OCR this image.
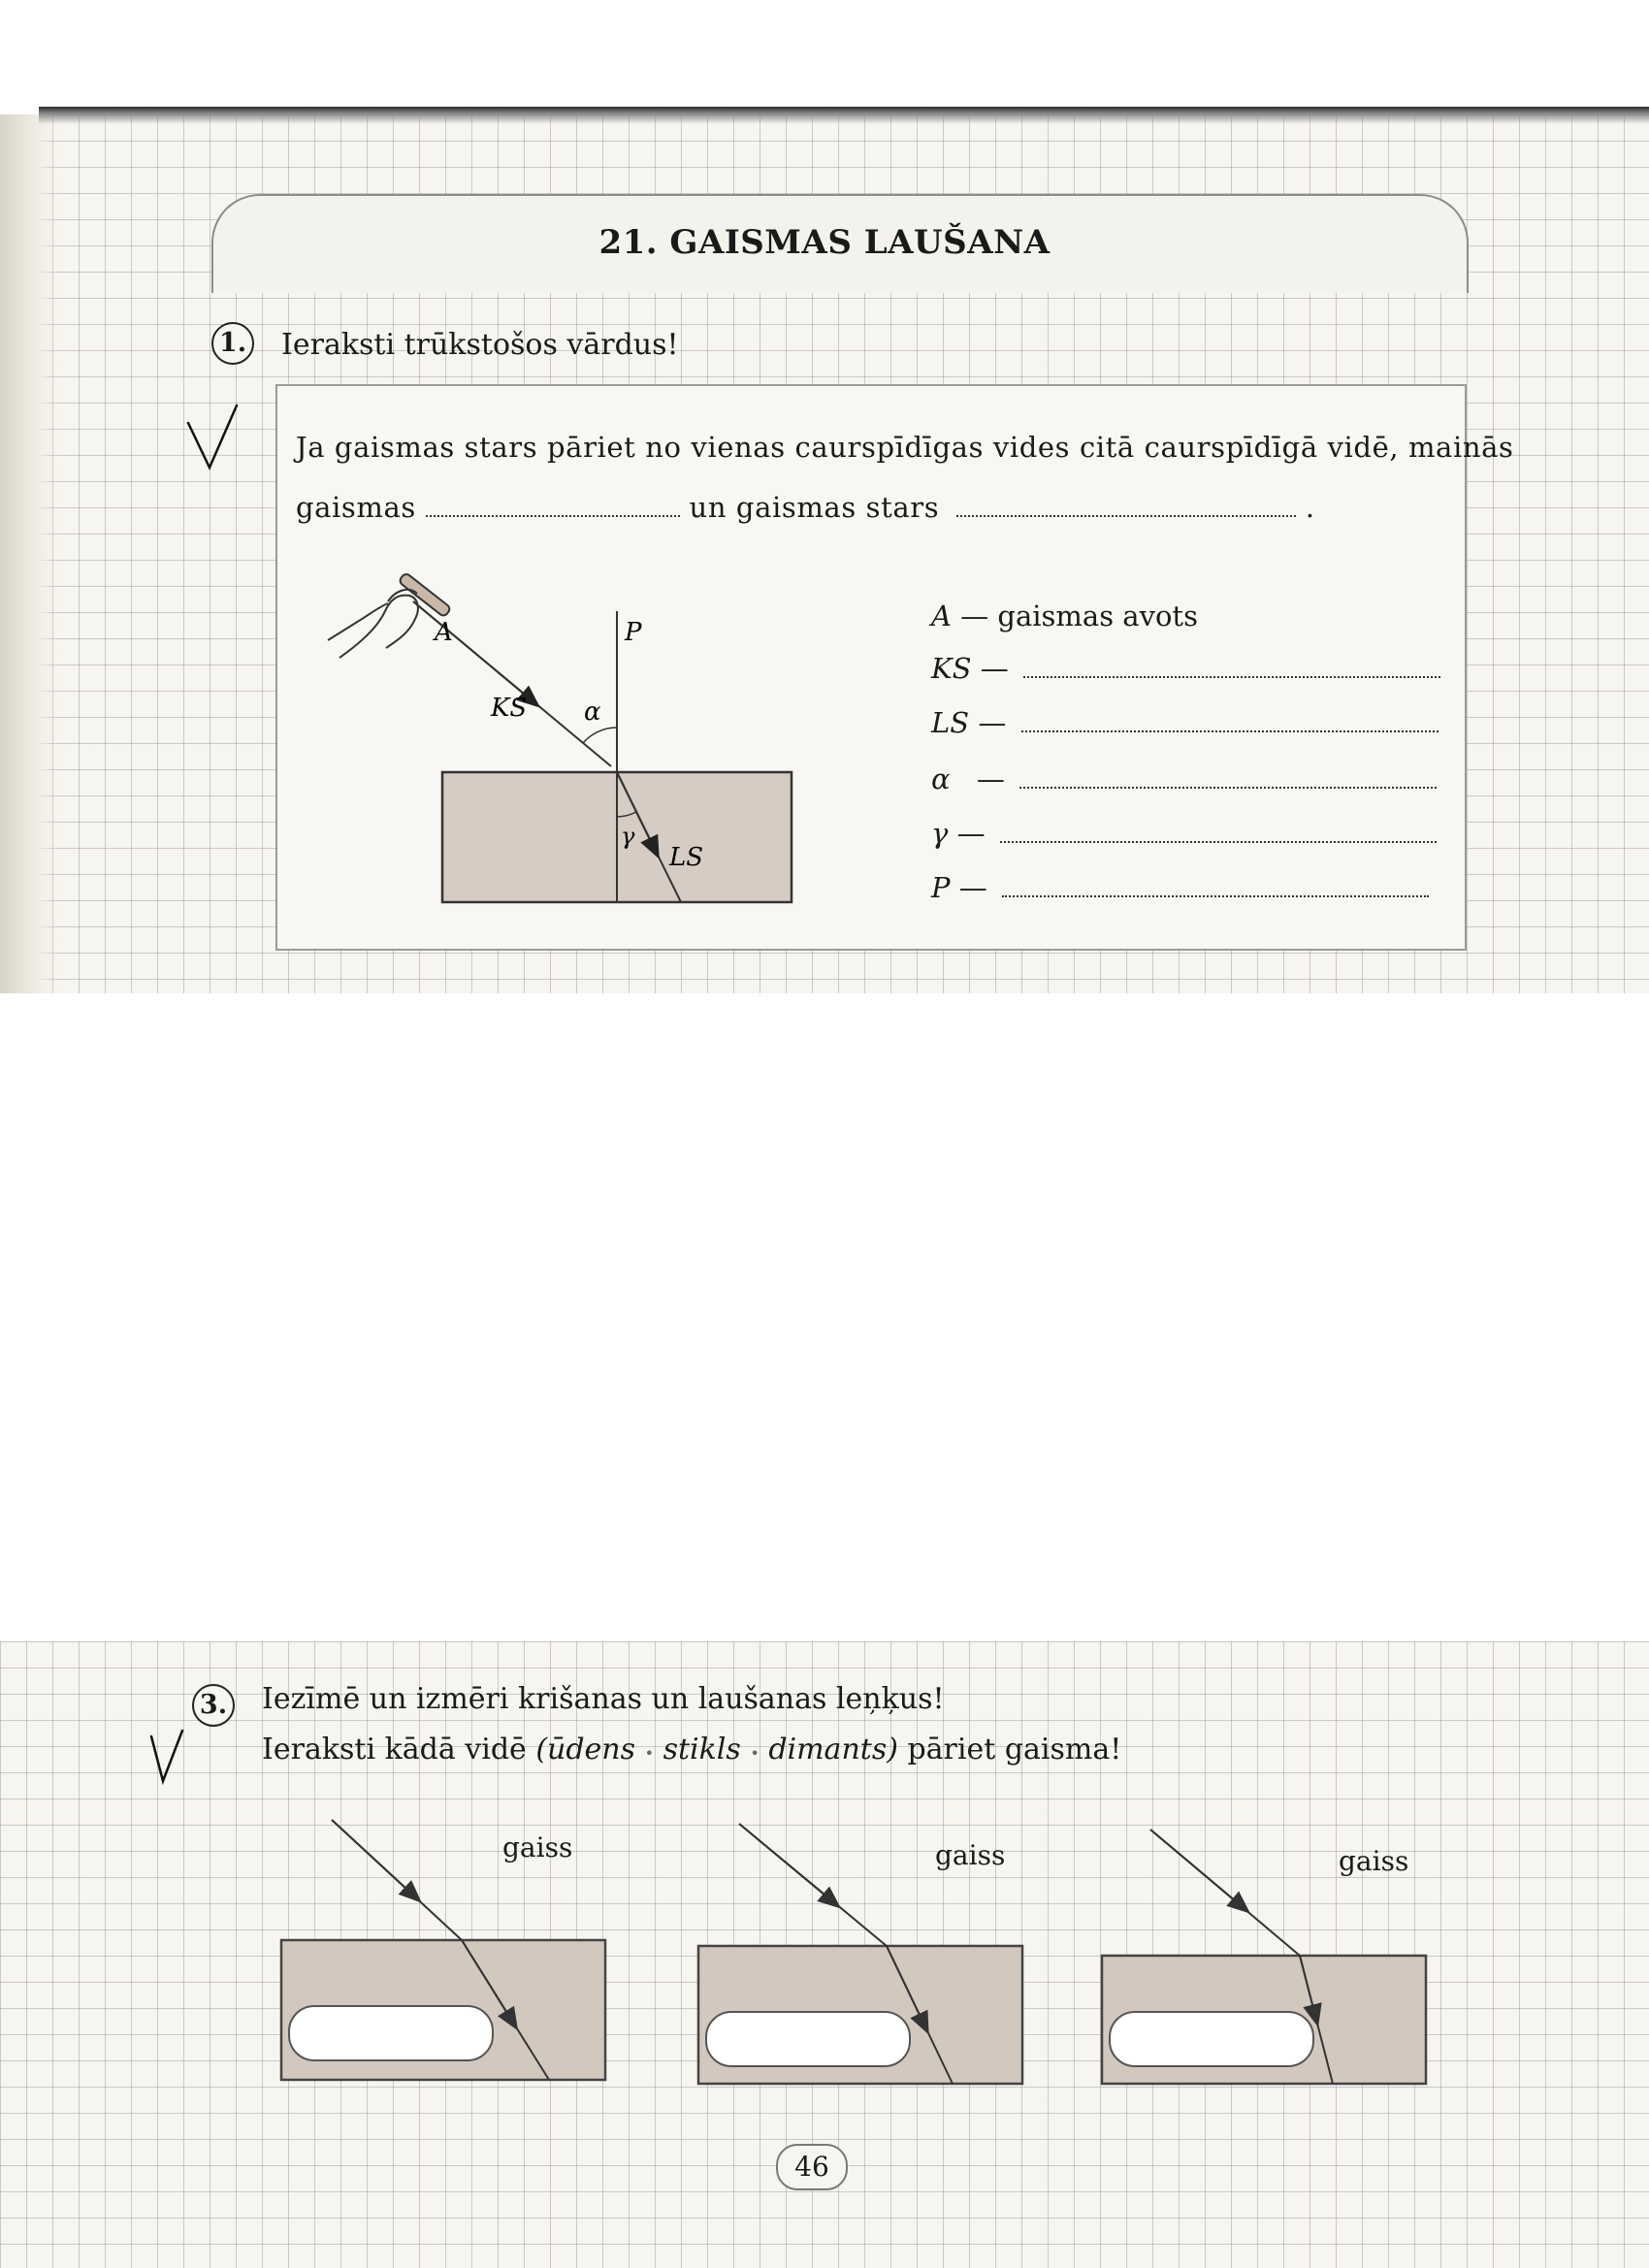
21. GAISMAS LAUŠANA
1. Ieraksti trūkstošos vārdus!
Ja gaismas stars pāriet no vienas caurspīdīgas vides citā caurspīdīgā vidē, mainās
gaismas	un gaismas stars	.
A	P
KS α
γ
LS
A — gaismas avots
KS —
LS —
α —
γ —
P —
3. Iezīmē un izmēri krišanas un laušanas leņķus!
Ieraksti kādā vidē (ūdens • stikls • dimants) pāriet gaisma!
gaiss	gaiss	gaiss
46
